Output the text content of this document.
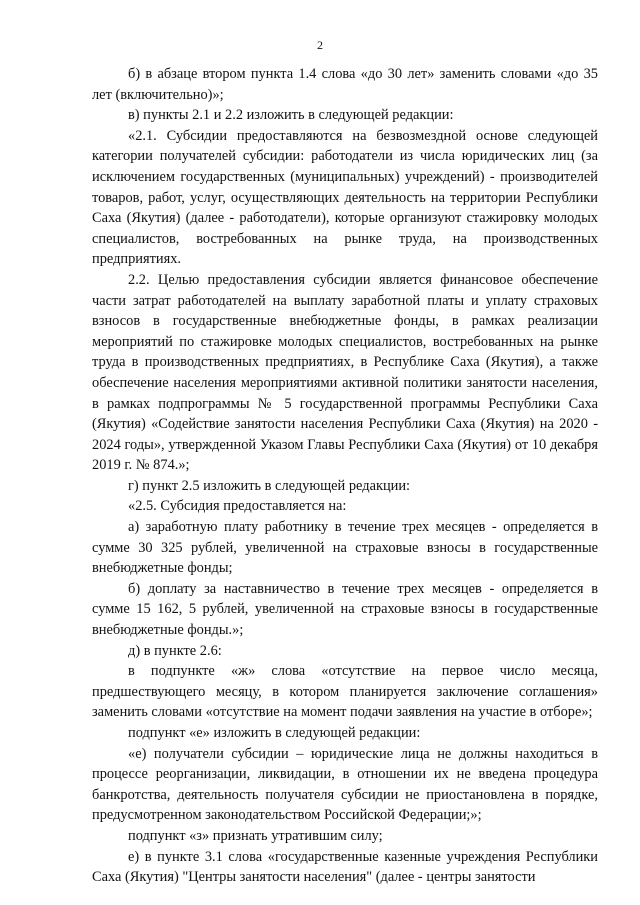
2

б) в абзаце втором пункта 1.4 слова «до 30 лет» заменить словами «до 35 лет (включительно)»;

в) пункты 2.1 и 2.2 изложить в следующей редакции:

«2.1. Субсидии предоставляются на безвозмездной основе следующей категории получателей субсидии: работодатели из числа юридических лиц (за исключением государственных (муниципальных) учреждений) - производителей товаров, работ, услуг, осуществляющих деятельность на территории Республики Саха (Якутия) (далее - работодатели), которые организуют стажировку молодых специалистов, востребованных на рынке труда, на производственных предприятиях.

2.2. Целью предоставления субсидии является финансовое обеспечение части затрат работодателей на выплату заработной платы и уплату страховых взносов в государственные внебюджетные фонды, в рамках реализации мероприятий по стажировке молодых специалистов, востребованных на рынке труда в производственных предприятиях, в Республике Саха (Якутия), а также обеспечение населения мероприятиями активной политики занятости населения, в рамках подпрограммы № 5 государственной программы Республики Саха (Якутия) «Содействие занятости населения Республики Саха (Якутия) на 2020 - 2024 годы», утвержденной Указом Главы Республики Саха (Якутия) от 10 декабря 2019 г. № 874.»;

г) пункт 2.5 изложить в следующей редакции:

«2.5. Субсидия предоставляется на:

а) заработную плату работнику в течение трех месяцев - определяется в сумме 30 325 рублей, увеличенной на страховые взносы в государственные внебюджетные фонды;

б) доплату за наставничество в течение трех месяцев - определяется в сумме 15 162, 5 рублей, увеличенной на страховые взносы в государственные внебюджетные фонды.»;

д) в пункте 2.6:

в подпункте «ж» слова «отсутствие на первое число месяца, предшествующего месяцу, в котором планируется заключение соглашения» заменить словами «отсутствие на момент подачи заявления на участие в отборе»;

подпункт «е» изложить в следующей редакции:

«е) получатели субсидии – юридические лица не должны находиться в процессе реорганизации, ликвидации, в отношении их не введена процедура банкротства, деятельность получателя субсидии не приостановлена в порядке, предусмотренном законодательством Российской Федерации;»;

подпункт «з» признать утратившим силу;

е) в пункте 3.1 слова «государственные казенные учреждения Республики Саха (Якутия) "Центры занятости населения" (далее - центры занятости
